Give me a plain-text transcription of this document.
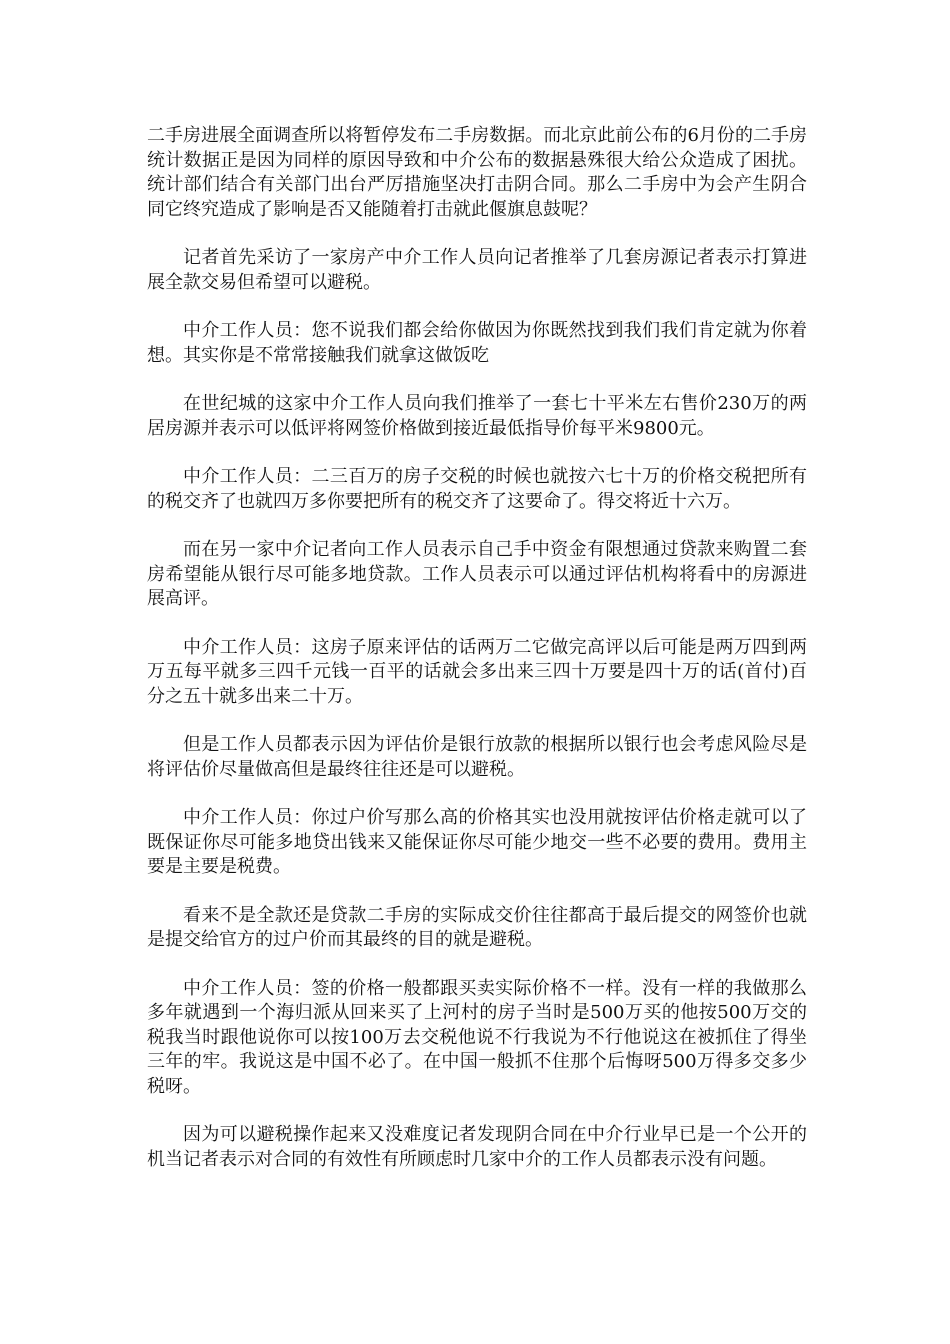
二手房进展全面调查所以将暂停发布二手房数据。而北京此前公布的6月份的二手房统计数据正是因为同样的原因导致和中介公布的数据悬殊很大给公众造成了困扰。统计部们结合有关部门出台严厉措施坚决打击阴合同。那么二手房中为会产生阴合同它终究造成了影响是否又能随着打击就此偃旗息鼓呢？

记者首先采访了一家房产中介工作人员向记者推举了几套房源记者表示打算进展全款交易但希望可以避税。

中介工作人员：您不说我们都会给你做因为你既然找到我们我们肯定就为你着想。其实你是不常常接触我们就拿这做饭吃

在世纪城的这家中介工作人员向我们推举了一套七十平米左右售价230万的两居房源并表示可以低评将网签价格做到接近最低指导价每平米9800元。

中介工作人员：二三百万的房子交税的时候也就按六七十万的价格交税把所有的税交齐了也就四万多你要把所有的税交齐了这要命了。得交将近十六万。

而在另一家中介记者向工作人员表示自己手中资金有限想通过贷款来购置二套房希望能从银行尽可能多地贷款。工作人员表示可以通过评估机构将看中的房源进展高评。

中介工作人员：这房子原来评估的话两万二它做完高评以后可能是两万四到两万五每平就多三四千元钱一百平的话就会多出来三四十万要是四十万的话(首付)百分之五十就多出来二十万。

但是工作人员都表示因为评估价是银行放款的根据所以银行也会考虑风险尽是将评估价尽量做高但是最终往往还是可以避税。

中介工作人员：你过户价写那么高的价格其实也没用就按评估价格走就可以了既保证你尽可能多地贷出钱来又能保证你尽可能少地交一些不必要的费用。费用主要是主要是税费。

看来不是全款还是贷款二手房的实际成交价往往都高于最后提交的网签价也就是提交给官方的过户价而其最终的目的就是避税。

中介工作人员：签的价格一般都跟买卖实际价格不一样。没有一样的我做那么多年就遇到一个海归派从回来买了上河村的房子当时是500万买的他按500万交的税我当时跟他说你可以按100万去交税他说不行我说为不行他说这在被抓住了得坐三年的牢。我说这是中国不必了。在中国一般抓不住那个后悔呀500万得多交多少税呀。

因为可以避税操作起来又没难度记者发现阴合同在中介行业早已是一个公开的机当记者表示对合同的有效性有所顾虑时几家中介的工作人员都表示没有问题。
